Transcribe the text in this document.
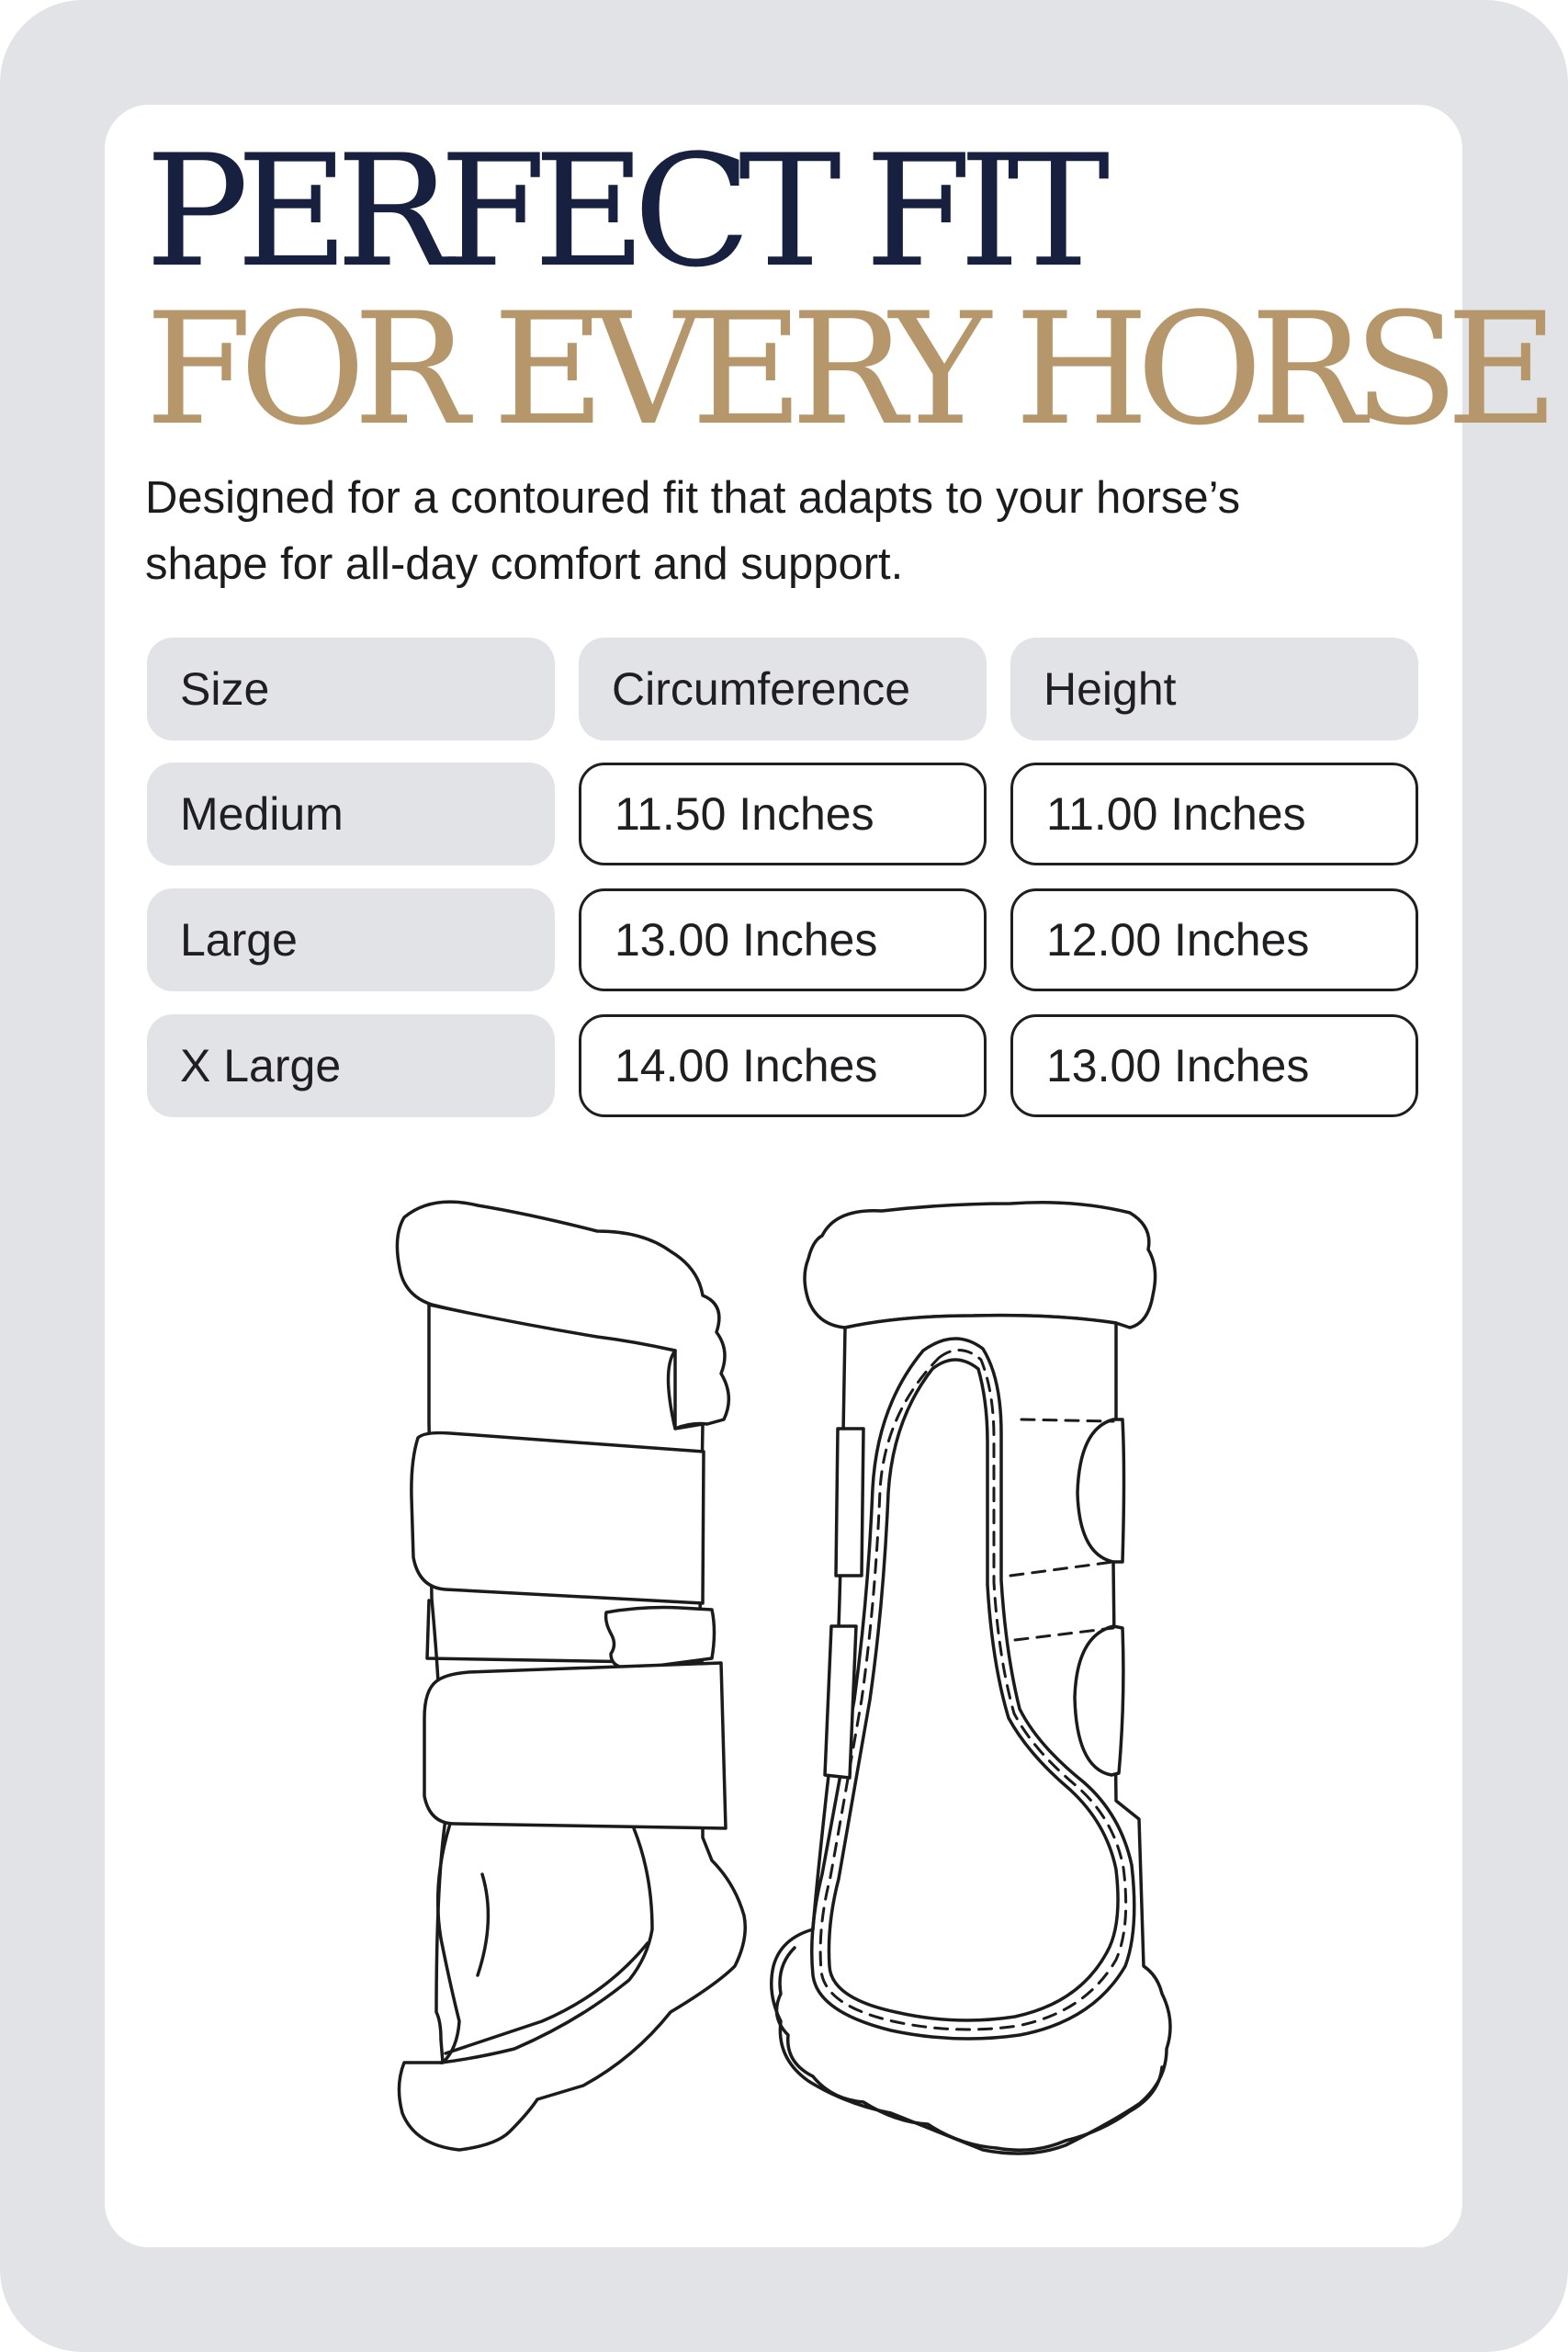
PERFECT FIT
FOR EVERY HORSE

Designed for a contoured fit that adapts to your horse’s shape for all-day comfort and support.

Size	Circumference	Height
Medium	11.50 Inches	11.00 Inches
Large	13.00 Inches	12.00 Inches
X Large	14.00 Inches	13.00 Inches
